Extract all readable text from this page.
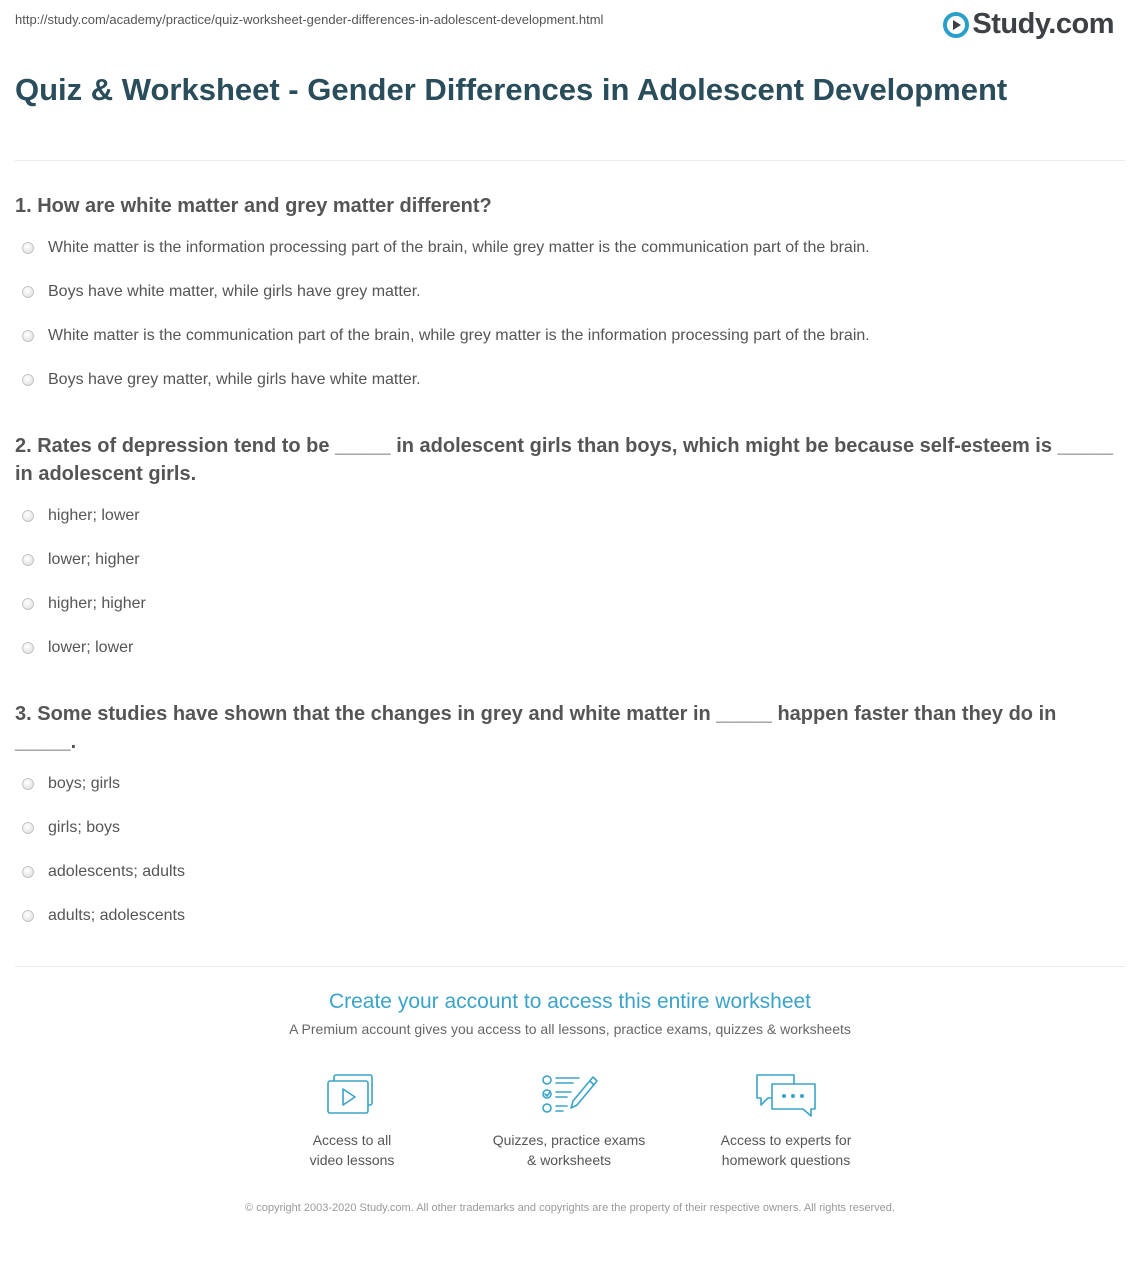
http://study.com/academy/practice/quiz-worksheet-gender-differences-in-adolescent-development.html	Study.com
Quiz & Worksheet - Gender Differences in Adolescent Development
1. How are white matter and grey matter different?
White matter is the information processing part of the brain, while grey matter is the communication part of the brain.
Boys have white matter, while girls have grey matter.
White matter is the communication part of the brain, while grey matter is the information processing part of the brain.
Boys have grey matter, while girls have white matter.
2. Rates of depression tend to be _____ in adolescent girls than boys, which might be because self-esteem is _____ in adolescent girls.
higher; lower
lower; higher
higher; higher
lower; lower
3. Some studies have shown that the changes in grey and white matter in _____ happen faster than they do in _____.
boys; girls
girls; boys
adolescents; adults
adults; adolescents
Create your account to access this entire worksheet
A Premium account gives you access to all lessons, practice exams, quizzes & worksheets
Access to all
video lessons
Quizzes, practice exams
& worksheets
Access to experts for
homework questions
© copyright 2003-2020 Study.com. All other trademarks and copyrights are the property of their respective owners. All rights reserved.
